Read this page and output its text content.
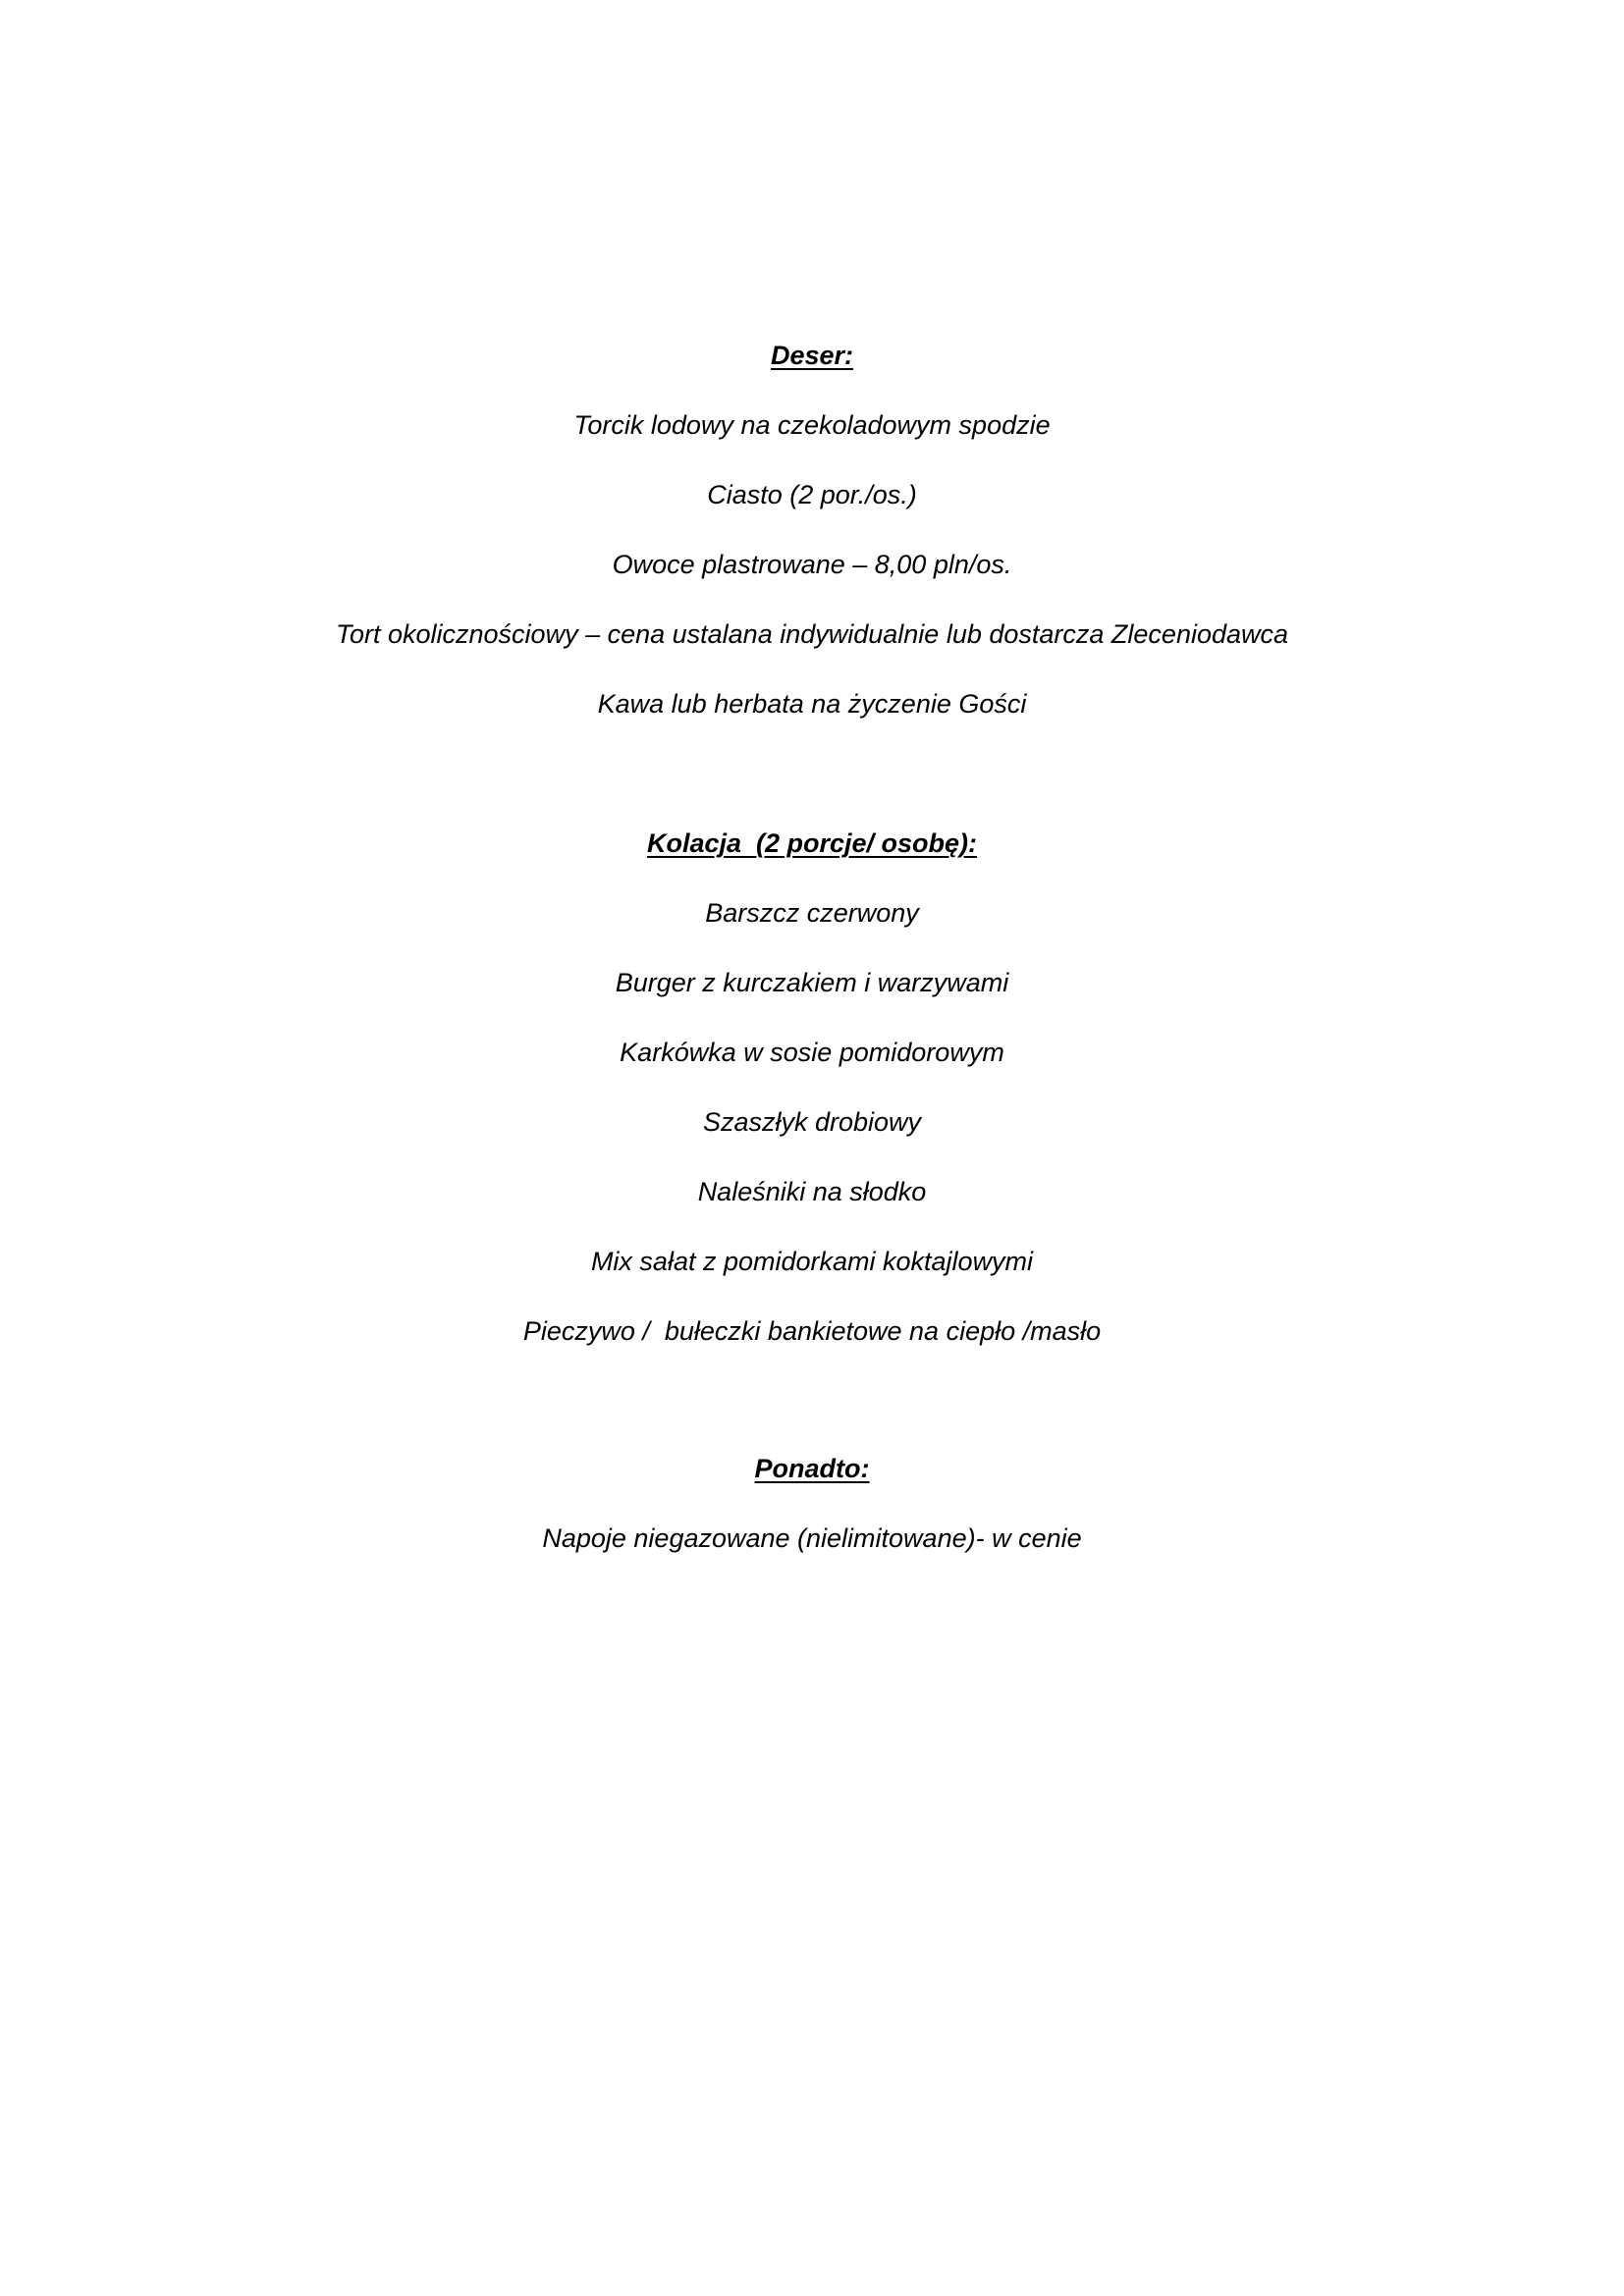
Deser:
Torcik lodowy na czekoladowym spodzie
Ciasto (2 por./os.)
Owoce plastrowane – 8,00 pln/os.
Tort okolicznościowy – cena ustalana indywidualnie lub dostarcza Zleceniodawca
Kawa lub herbata na życzenie Gości
Kolacja  (2 porcje/ osobę):
Barszcz czerwony
Burger z kurczakiem i warzywami
Karkówka w sosie pomidorowym
Szaszłyk drobiowy
Naleśniki na słodko
Mix sałat z pomidorkami koktajlowymi
Pieczywo /  bułeczki bankietowe na ciepło /masło
Ponadto:
Napoje niegazowane (nielimitowane)- w cenie
